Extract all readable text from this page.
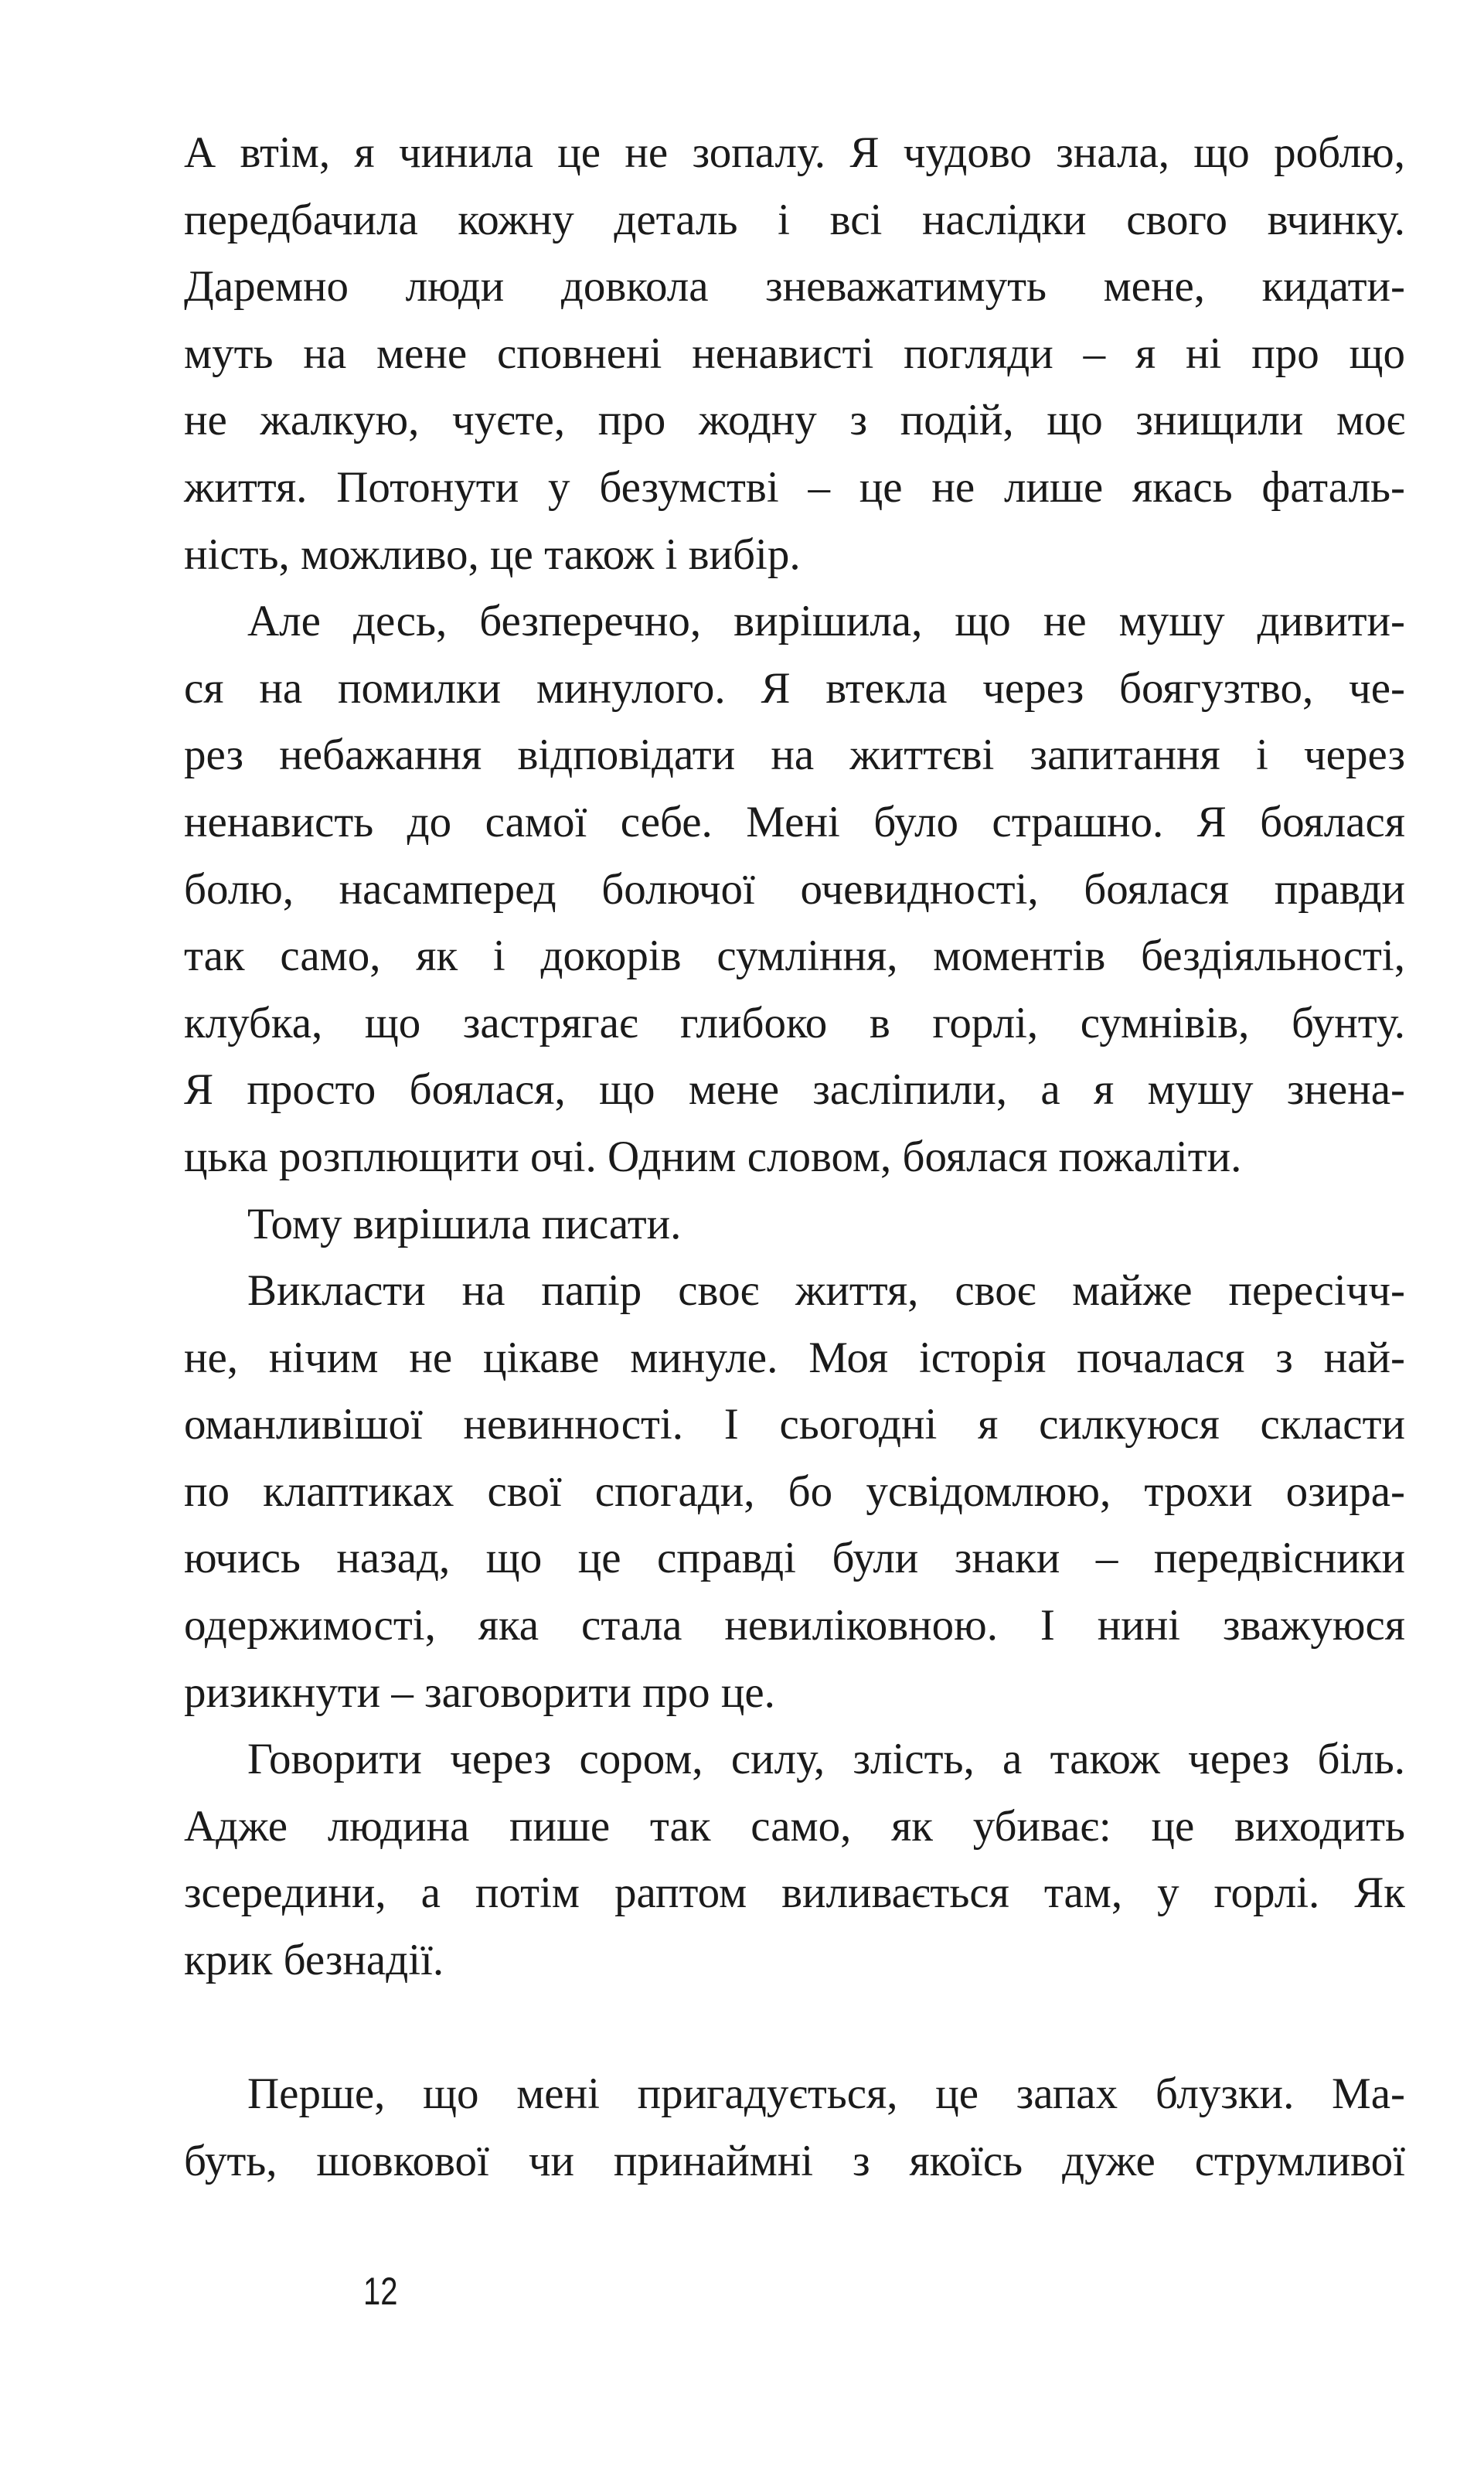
А втім, я чинила це не зопалу. Я чудово знала, що роблю,
передбачила кожну деталь і всі наслідки свого вчинку.
Даремно люди довкола зневажатимуть мене, кидати-
муть на мене сповнені ненависті погляди – я ні про що
не жалкую, чуєте, про жодну з подій, що знищили моє
життя. Потонути у безумстві – це не лише якась фаталь-
ність, можливо, це також і вибір.
Але десь, безперечно, вирішила, що не мушу дивити-
ся на помилки минулого. Я втекла через боягузтво, че-
рез небажання відповідати на життєві запитання і через
ненависть до самої себе. Мені було страшно. Я боялася
болю, насамперед болючої очевидності, боялася правди
так само, як і докорів сумління, моментів бездіяльності,
клубка, що застрягає глибоко в горлі, сумнівів, бунту.
Я просто боялася, що мене засліпили, а я мушу знена-
цька розплющити очі. Одним словом, боялася пожаліти.
Тому вирішила писати.
Викласти на папір своє життя, своє майже пересічч-
не, нічим не цікаве минуле. Моя історія почалася з най-
оманливішої невинності. І сьогодні я силкуюся скласти
по клаптиках свої спогади, бо усвідомлюю, трохи озира-
ючись назад, що це справді були знаки – передвісники
одержимості, яка стала невиліковною. І нині зважуюся
ризикнути – заговорити про це.
Говорити через сором, силу, злість, а також через біль.
Адже людина пише так само, як убиває: це виходить
зсередини, а потім раптом виливається там, у горлі. Як
крик безнадії.
Перше, що мені пригадується, це запах блузки. Ма-
буть, шовкової чи принаймні з якоїсь дуже струмливої
12
